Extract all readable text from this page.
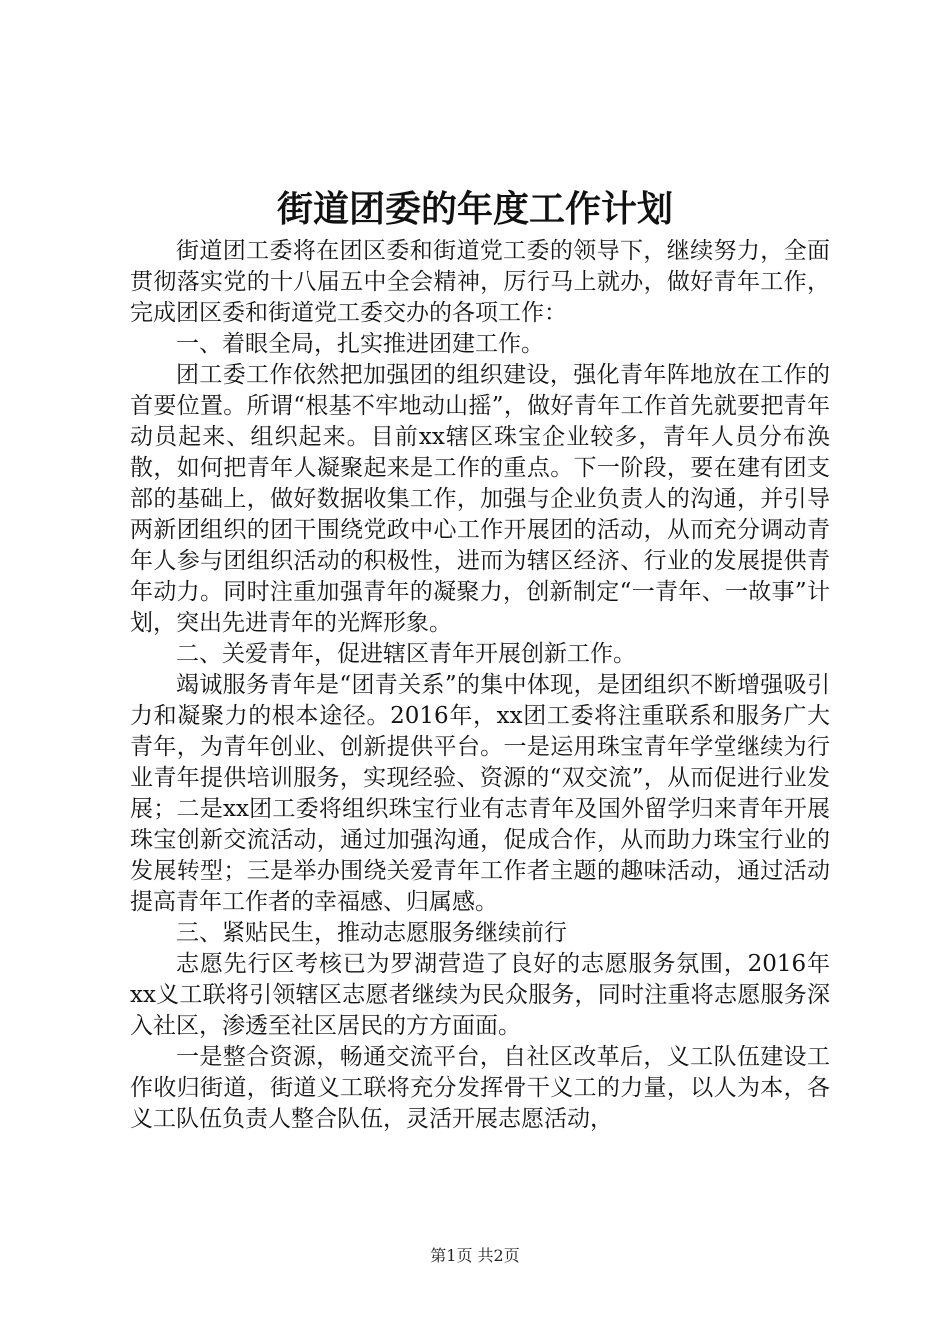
街道团委的年度工作计划

街道团工委将在团区委和街道党工委的领导下，继续努力，全面贯彻落实党的十八届五中全会精神，厉行马上就办，做好青年工作，完成团区委和街道党工委交办的各项工作：

一、着眼全局，扎实推进团建工作。

团工委工作依然把加强团的组织建设，强化青年阵地放在工作的首要位置。所谓“根基不牢地动山摇”，做好青年工作首先就要把青年动员起来、组织起来。目前xx辖区珠宝企业较多，青年人员分布涣散，如何把青年人凝聚起来是工作的重点。下一阶段，要在建有团支部的基础上，做好数据收集工作，加强与企业负责人的沟通，并引导两新团组织的团干围绕党政中心工作开展团的活动，从而充分调动青年人参与团组织活动的积极性，进而为辖区经济、行业的发展提供青年动力。同时注重加强青年的凝聚力，创新制定“一青年、一故事”计划，突出先进青年的光辉形象。

二、关爱青年，促进辖区青年开展创新工作。

竭诚服务青年是“团青关系”的集中体现，是团组织不断增强吸引力和凝聚力的根本途径。2016年，xx团工委将注重联系和服务广大青年，为青年创业、创新提供平台。一是运用珠宝青年学堂继续为行业青年提供培训服务，实现经验、资源的“双交流”，从而促进行业发展；二是xx团工委将组织珠宝行业有志青年及国外留学归来青年开展珠宝创新交流活动，通过加强沟通，促成合作，从而助力珠宝行业的发展转型；三是举办围绕关爱青年工作者主题的趣味活动，通过活动提高青年工作者的幸福感、归属感。

三、紧贴民生，推动志愿服务继续前行

志愿先行区考核已为罗湖营造了良好的志愿服务氛围，2016年xx义工联将引领辖区志愿者继续为民众服务，同时注重将志愿服务深入社区，渗透至社区居民的方方面面。

一是整合资源，畅通交流平台，自社区改革后，义工队伍建设工作收归街道，街道义工联将充分发挥骨干义工的力量，以人为本，各义工队伍负责人整合队伍，灵活开展志愿活动，

第1页 共2页
